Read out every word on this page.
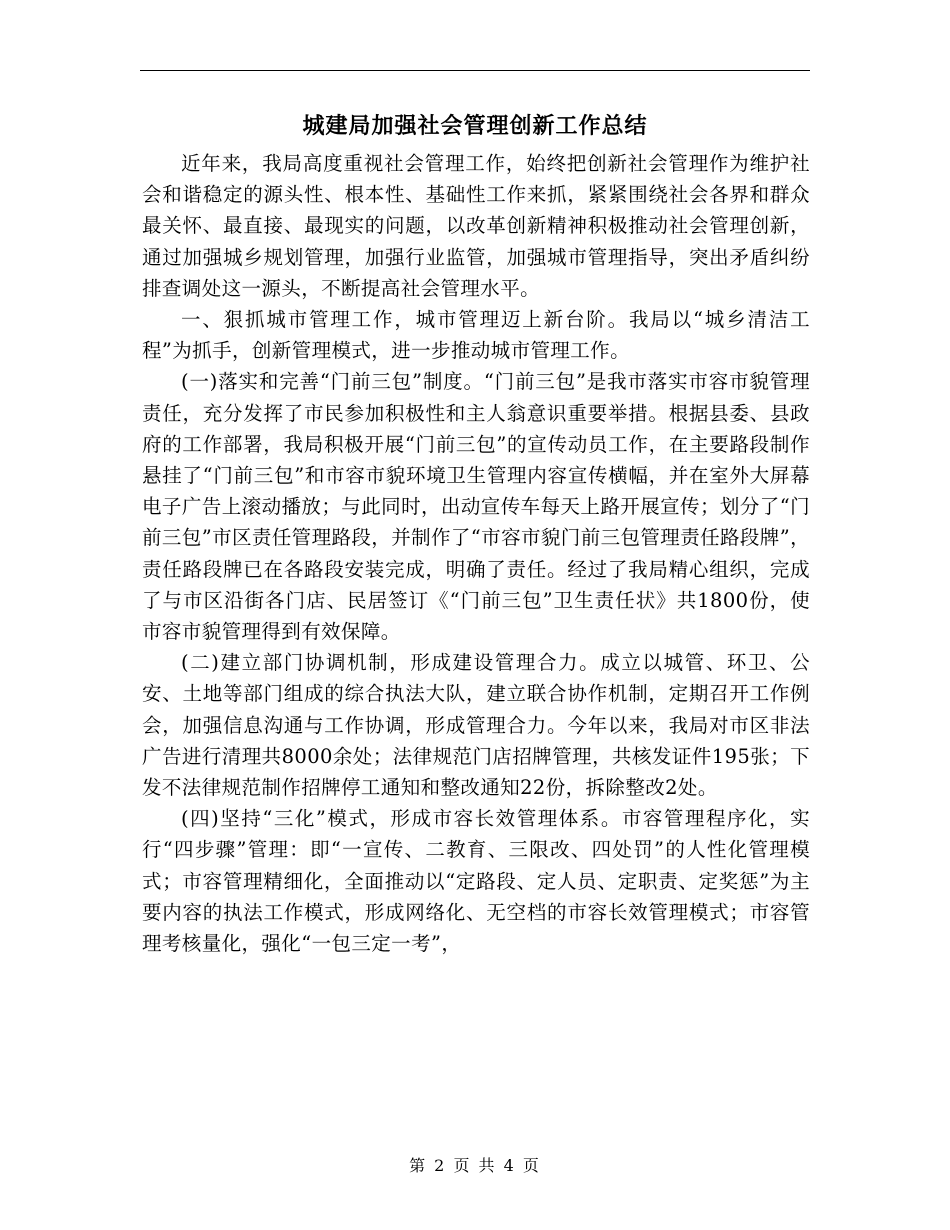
城建局加强社会管理创新工作总结

近年来，我局高度重视社会管理工作，始终把创新社会管理作为维护社会和谐稳定的源头性、根本性、基础性工作来抓，紧紧围绕社会各界和群众最关怀、最直接、最现实的问题，以改革创新精神积极推动社会管理创新，通过加强城乡规划管理，加强行业监管，加强城市管理指导，突出矛盾纠纷排查调处这一源头，不断提高社会管理水平。

一、狠抓城市管理工作，城市管理迈上新台阶。我局以“城乡清洁工程”为抓手，创新管理模式，进一步推动城市管理工作。

(一)落实和完善“门前三包”制度。“门前三包”是我市落实市容市貌管理责任，充分发挥了市民参加积极性和主人翁意识重要举措。根据县委、县政府的工作部署，我局积极开展“门前三包”的宣传动员工作，在主要路段制作悬挂了“门前三包”和市容市貌环境卫生管理内容宣传横幅，并在室外大屏幕电子广告上滚动播放；与此同时，出动宣传车每天上路开展宣传；划分了“门前三包”市区责任管理路段，并制作了“市容市貌门前三包管理责任路段牌”，责任路段牌已在各路段安装完成，明确了责任。经过了我局精心组织，完成了与市区沿街各门店、民居签订《“门前三包”卫生责任状》共1800份，使市容市貌管理得到有效保障。

(二)建立部门协调机制，形成建设管理合力。成立以城管、环卫、公安、土地等部门组成的综合执法大队，建立联合协作机制，定期召开工作例会，加强信息沟通与工作协调，形成管理合力。今年以来，我局对市区非法广告进行清理共8000余处；法律规范门店招牌管理，共核发证件195张；下发不法律规范制作招牌停工通知和整改通知22份，拆除整改2处。

(四)坚持“三化”模式，形成市容长效管理体系。市容管理程序化，实行“四步骤”管理：即“一宣传、二教育、三限改、四处罚”的人性化管理模式；市容管理精细化，全面推动以“定路段、定人员、定职责、定奖惩”为主要内容的执法工作模式，形成网络化、无空档的市容长效管理模式；市容管理考核量化，强化“一包三定一考”，

第 2 页 共 4 页
